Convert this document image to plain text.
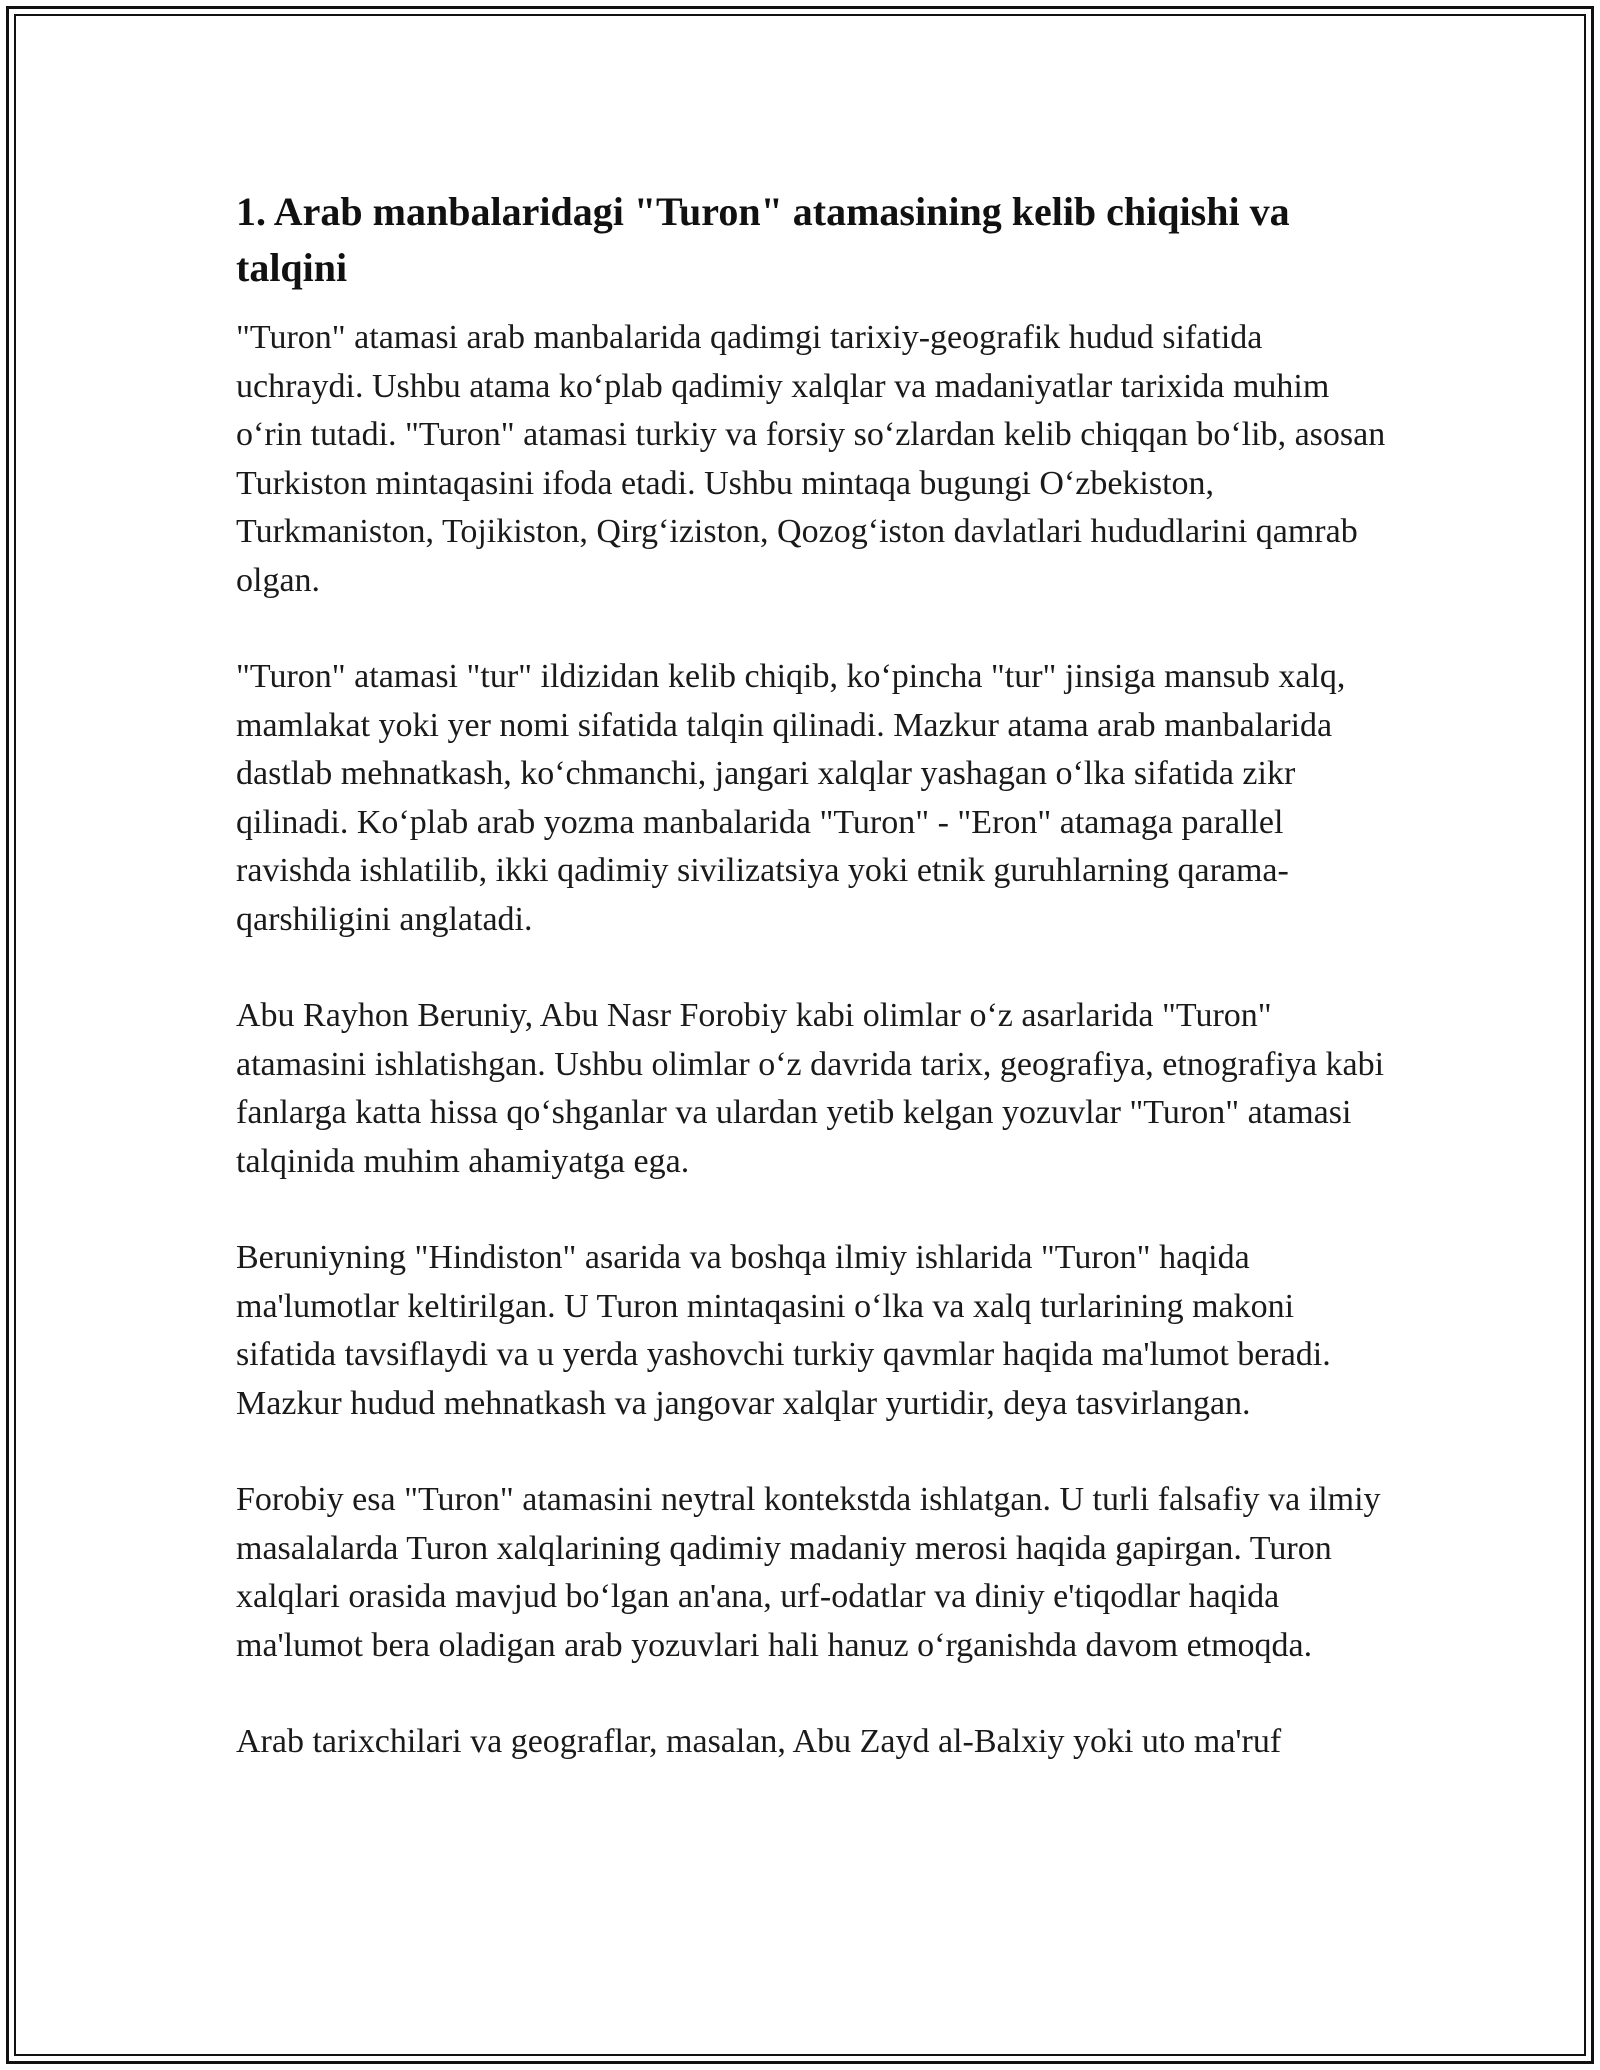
1. Arab manbalaridagi "Turon" atamasining kelib chiqishi va talqini

"Turon" atamasi arab manbalarida qadimgi tarixiy-geografik hudud sifatida uchraydi. Ushbu atama ko‘plab qadimiy xalqlar va madaniyatlar tarixida muhim o‘rin tutadi. "Turon" atamasi turkiy va forsiy so‘zlardan kelib chiqqan bo‘lib, asosan Turkiston mintaqasini ifoda etadi. Ushbu mintaqa bugungi O‘zbekiston, Turkmaniston, Tojikiston, Qirg‘iziston, Qozog‘iston davlatlari hududlarini qamrab olgan.

"Turon" atamasi "tur" ildizidan kelib chiqib, ko‘pincha "tur" jinsiga mansub xalq, mamlakat yoki yer nomi sifatida talqin qilinadi. Mazkur atama arab manbalarida dastlab mehnatkash, ko‘chmanchi, jangari xalqlar yashagan o‘lka sifatida zikr qilinadi. Ko‘plab arab yozma manbalarida "Turon" - "Eron" atamaga parallel ravishda ishlatilib, ikki qadimiy sivilizatsiya yoki etnik guruhlarning qarama-qarshiligini anglatadi.

Abu Rayhon Beruniy, Abu Nasr Forobiy kabi olimlar o‘z asarlarida "Turon" atamasini ishlatishgan. Ushbu olimlar o‘z davrida tarix, geografiya, etnografiya kabi fanlarga katta hissa qo‘shganlar va ulardan yetib kelgan yozuvlar "Turon" atamasi talqinida muhim ahamiyatga ega.

Beruniyning "Hindiston" asarida va boshqa ilmiy ishlarida "Turon" haqida ma'lumotlar keltirilgan. U Turon mintaqasini o‘lka va xalq turlarining makoni sifatida tavsiflaydi va u yerda yashovchi turkiy qavmlar haqida ma'lumot beradi. Mazkur hudud mehnatkash va jangovar xalqlar yurtidir, deya tasvirlangan.

Forobiy esa "Turon" atamasini neytral kontekstda ishlatgan. U turli falsafiy va ilmiy masalalarda Turon xalqlarining qadimiy madaniy merosi haqida gapirgan. Turon xalqlari orasida mavjud bo‘lgan an'ana, urf-odatlar va diniy e'tiqodlar haqida ma'lumot bera oladigan arab yozuvlari hali hanuz o‘rganishda davom etmoqda.

Arab tarixchilari va geograflar, masalan, Abu Zayd al-Balxiy yoki uto ma'ruf
